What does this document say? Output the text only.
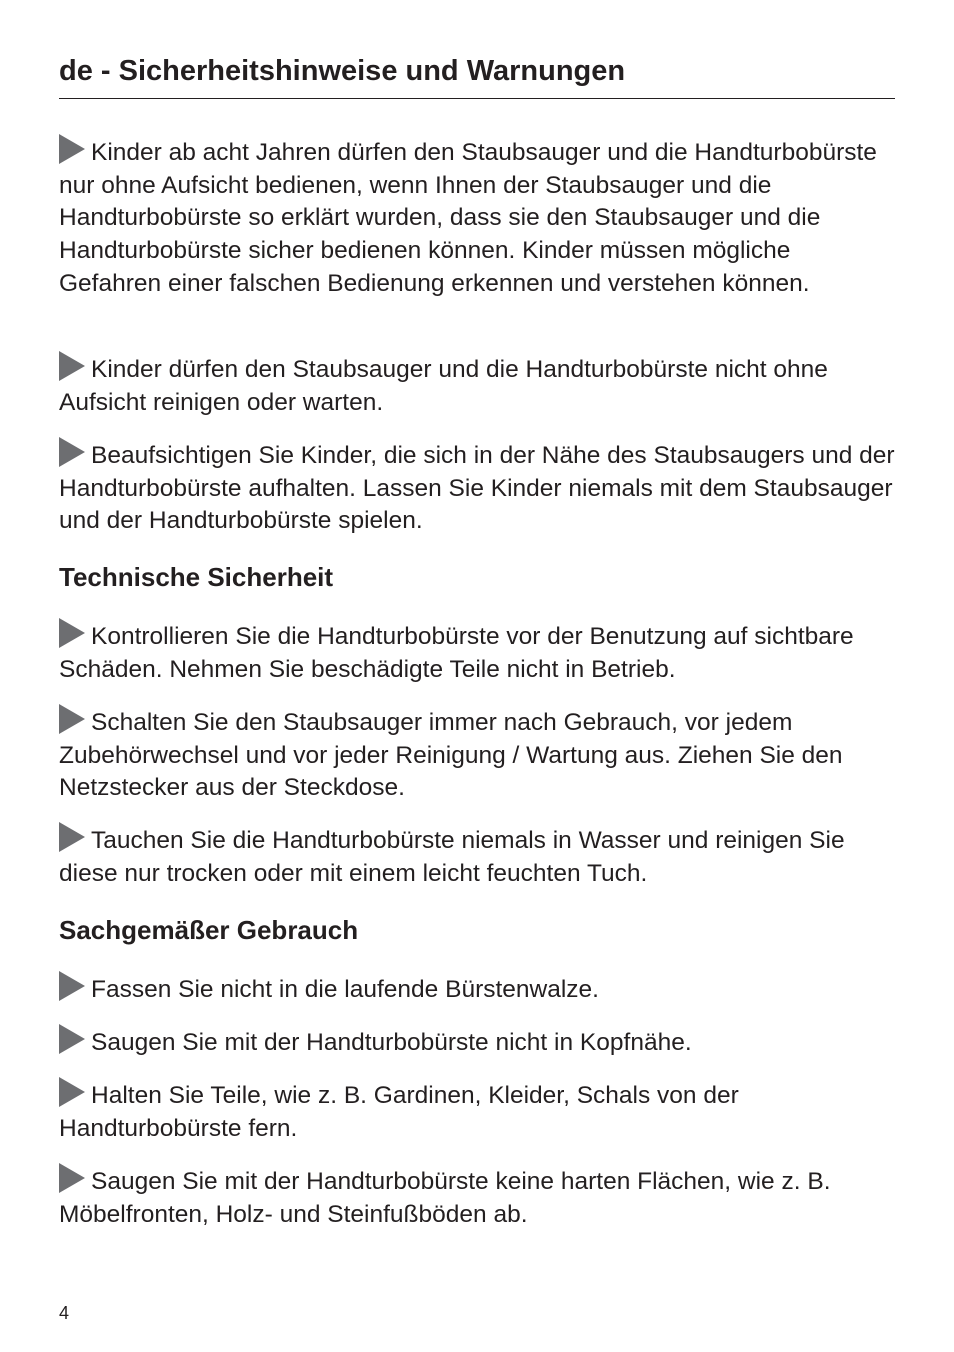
de - Sicherheitshinweise und Warnungen

Kinder ab acht Jahren dürfen den Staubsauger und die Handturbobürste nur ohne Aufsicht bedienen, wenn Ihnen der Staubsauger und die Handturbobürste so erklärt wurden, dass sie den Staubsauger und die Handturbobürste sicher bedienen können. Kinder müssen mögliche Gefahren einer falschen Bedienung erkennen und verstehen können.

Kinder dürfen den Staubsauger und die Handturbobürste nicht ohne Aufsicht reinigen oder warten.

Beaufsichtigen Sie Kinder, die sich in der Nähe des Staubsaugers und der Handturbobürste aufhalten. Lassen Sie Kinder niemals mit dem Staubsauger und der Handturbobürste spielen.

Technische Sicherheit

Kontrollieren Sie die Handturbobürste vor der Benutzung auf sichtbare Schäden. Nehmen Sie beschädigte Teile nicht in Betrieb.

Schalten Sie den Staubsauger immer nach Gebrauch, vor jedem Zubehörwechsel und vor jeder Reinigung / Wartung aus. Ziehen Sie den Netzstecker aus der Steckdose.

Tauchen Sie die Handturbobürste niemals in Wasser und reinigen Sie diese nur trocken oder mit einem leicht feuchten Tuch.

Sachgemäßer Gebrauch

Fassen Sie nicht in die laufende Bürstenwalze.

Saugen Sie mit der Handturbobürste nicht in Kopfnähe.

Halten Sie Teile, wie z. B. Gardinen, Kleider, Schals von der Handturbobürste fern.

Saugen Sie mit der Handturbobürste keine harten Flächen, wie z. B. Möbelfronten, Holz- und Steinfußböden ab.

4
